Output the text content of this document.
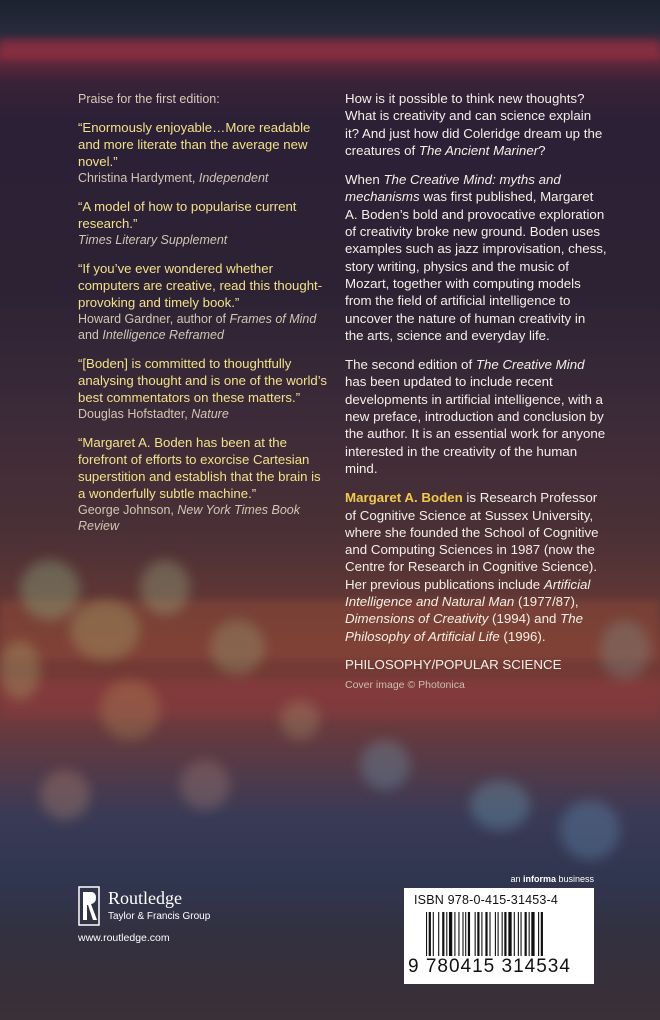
Praise for the first edition:
“Enormously enjoyable…More readable and more literate than the average new novel.”
Christina Hardyment, Independent
“A model of how to popularise current research.”
Times Literary Supplement
“If you’ve ever wondered whether computers are creative, read this thought-provoking and timely book.”
Howard Gardner, author of Frames of Mind and Intelligence Reframed
“[Boden] is committed to thoughtfully analysing thought and is one of the world’s best commentators on these matters.”
Douglas Hofstadter, Nature
“Margaret A. Boden has been at the forefront of efforts to exorcise Cartesian superstition and establish that the brain is a wonderfully subtle machine.”
George Johnson, New York Times Book Review

How is it possible to think new thoughts? What is creativity and can science explain it? And just how did Coleridge dream up the creatures of The Ancient Mariner?

When The Creative Mind: myths and mechanisms was first published, Margaret A. Boden’s bold and provocative exploration of creativity broke new ground. Boden uses examples such as jazz improvisation, chess, story writing, physics and the music of Mozart, together with computing models from the field of artificial intelligence to uncover the nature of human creativity in the arts, science and everyday life.

The second edition of The Creative Mind has been updated to include recent developments in artificial intelligence, with a new preface, introduction and conclusion by the author. It is an essential work for anyone interested in the creativity of the human mind.

Margaret A. Boden is Research Professor of Cognitive Science at Sussex University, where she founded the School of Cognitive and Computing Sciences in 1987 (now the Centre for Research in Cognitive Science). Her previous publications include Artificial Intelligence and Natural Man (1977/87), Dimensions of Creativity (1994) and The Philosophy of Artificial Life (1996).

PHILOSOPHY/POPULAR SCIENCE
Cover image © Photonica
Routledge
Taylor & Francis Group
www.routledge.com
an informa business
ISBN 978-0-415-31453-4
9 780415 314534
